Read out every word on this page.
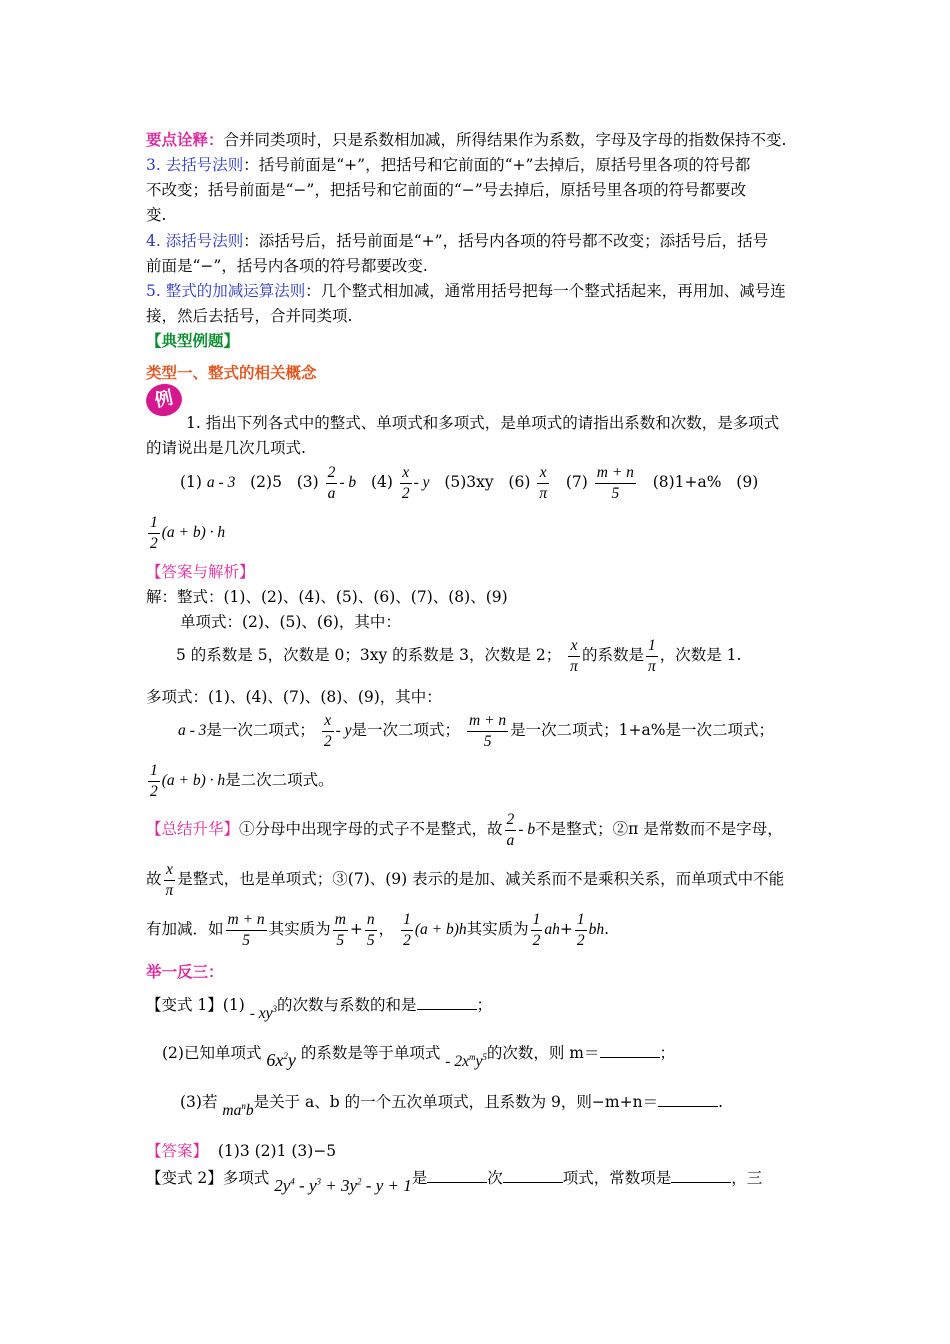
要点诠释：合并同类项时，只是系数相加减，所得结果作为系数，字母及字母的指数保持不变.
3. 去括号法则：括号前面是“+”，把括号和它前面的“+”去掉后，原括号里各项的符号都
不改变；括号前面是“−”，把括号和它前面的“−”号去掉后，原括号里各项的符号都要改
变.
4. 添括号法则：添括号后，括号前面是“+”，括号内各项的符号都不改变；添括号后，括号
前面是“−”，括号内各项的符号都要改变.
5. 整式的加减运算法则：几个整式相加减，通常用括号把每一个整式括起来，再用加、减号连
接，然后去括号，合并同类项.
【典型例题】
类型一、整式的相关概念
例
1. 指出下列各式中的整式、单项式和多项式，是单项式的请指出系数和次数，是多项式
的请说出是几次几项式.
(1) a - 3 (2)5 $(3) \frac{2}{a}$ - b $(4) \frac{x}{2}$ - y (5)3xy $(6) \frac{x}{\pi} (7) \frac{m + n}{5} (8)1+a\%$ (9)
$\frac{1}{2} (a + b) \cdot h$
【答案与解析】
解：整式：(1)、(2)、(4)、(5)、(6)、(7)、(8)、(9)
单项式：(2)、(5)、(6)，其中：
5 的系数是 5，次数是 0；3xy 的系数是 3，次数是 2； $\frac{x}{\pi}$ 的系数是 $\frac{1}{\pi}$ ，次数是 1.
多项式：(1)、(4)、(7)、(8)、(9)，其中：
a - 3是一次二项式； $\frac{x}{2}$ - y是一次二项式； $\frac{m + n}{5}$ 是一次二项式；1+a%是一次二项式；
$\frac{1}{2} (a + b) \cdot h$是二次二项式。
【总结升华】①分母中出现字母的式子不是整式，故 $\frac{2}{a}$ - b不是整式；②π 是常数而不是字母，
故 $\frac{x}{\pi}$ 是整式，也是单项式；③(7)、(9) 表示的是加、减关系而不是乘积关系，而单项式中不能
有加减．如 $\frac{m + n}{5}$ 其实质为 $\frac{m}{5} + \frac{n}{5}$ ， $\frac{1}{2} (a + b)h$其实质为 $\frac{1}{2} ah+ \frac{1}{2}$ bh.
举一反三：
【变式 1】$(1) - xy^3$的次数与系数的和是	；
(2)已知单项式 $6x^2y$ 的系数是等于单项式 - $2x^my^5$的次数，则 m＝	；
(3)若 $ma^nb$是关于 a、b 的一个五次单项式，且系数为 9，则−m+n＝	.
【答案】 (1)3 (2)1 (3)−5
【变式 2】多项式 $2y^4 - y^3 + 3y^2 - y + 1$是	次	项式，常数项是	，三
